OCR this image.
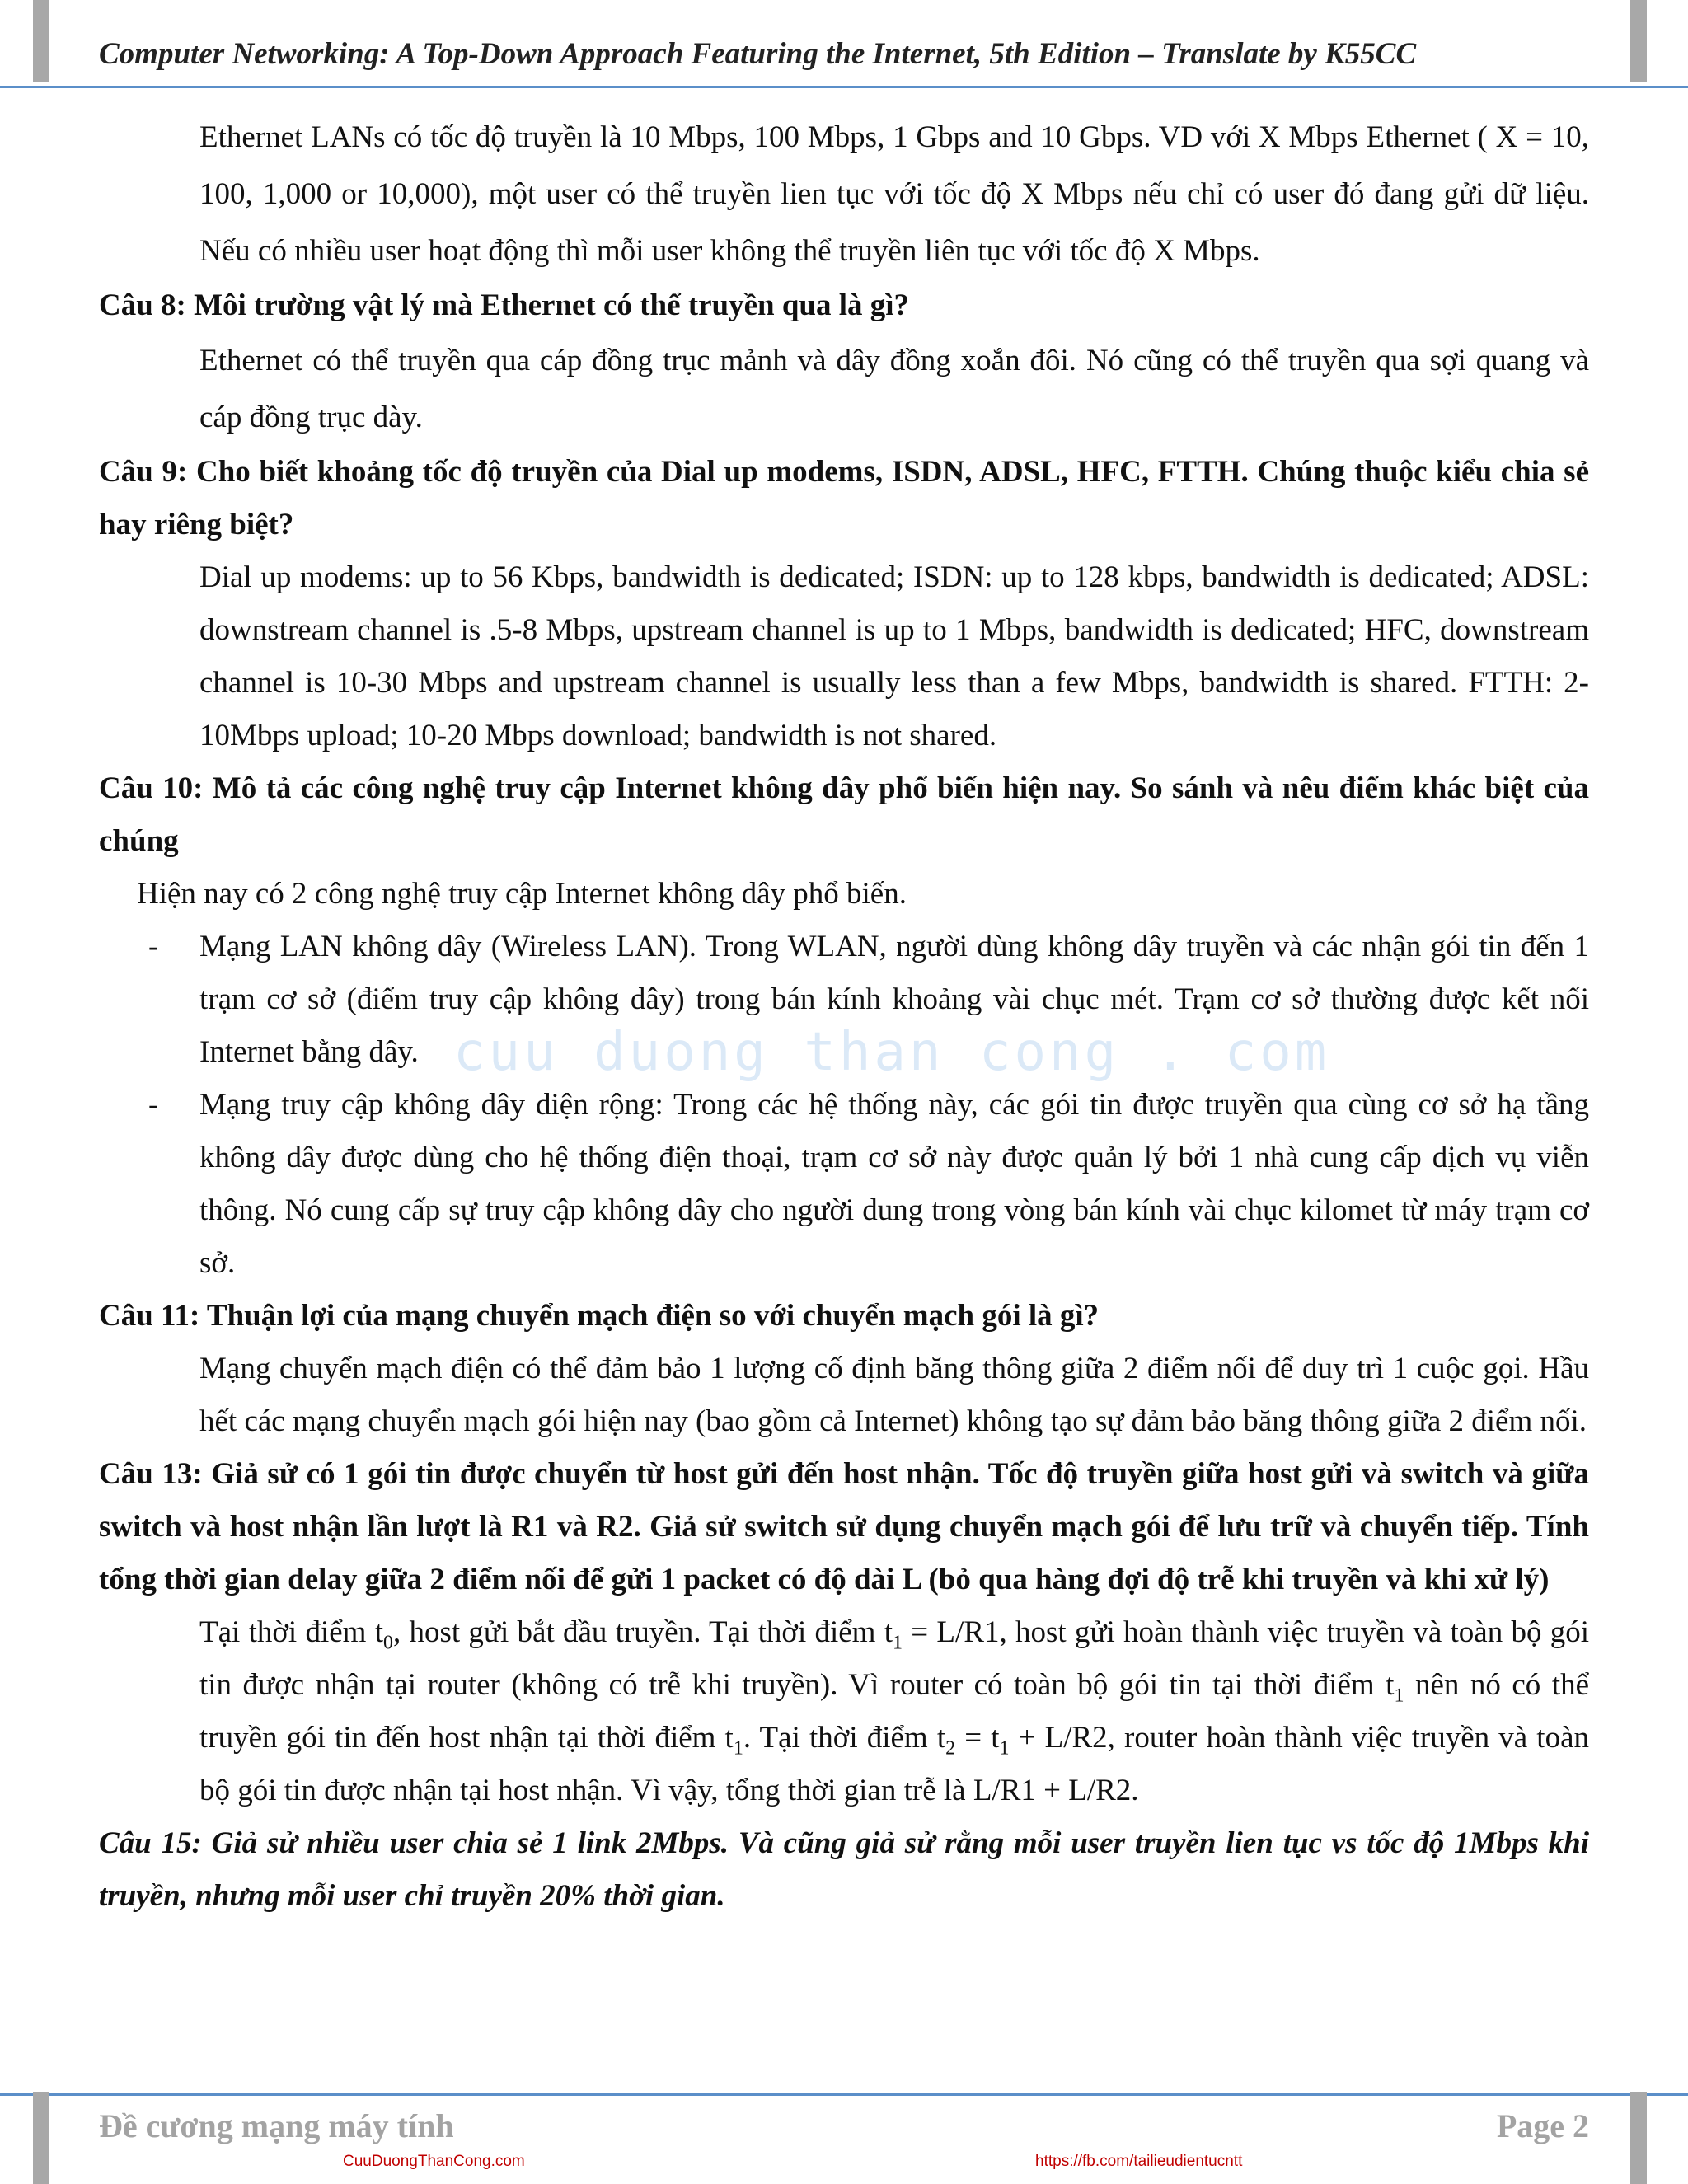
Computer Networking: A Top-Down Approach Featuring the Internet, 5th Edition – Translate by K55CC
cuu duong than cong . com

Ethernet LANs có tốc độ truyền là 10 Mbps, 100 Mbps, 1 Gbps and 10 Gbps. VD với X Mbps Ethernet ( X = 10, 100, 1,000 or 10,000), một user có thể truyền lien tục với tốc độ X Mbps nếu chỉ có user đó đang gửi dữ liệu. Nếu có nhiều user hoạt động thì mỗi user không thể truyền liên tục với tốc độ X Mbps.

Câu 8: Môi trường vật lý mà Ethernet có thể truyền qua là gì?

Ethernet có thể truyền qua cáp đồng trục mảnh và dây đồng xoắn đôi. Nó cũng có thể truyền qua sợi quang và cáp đồng trục dày.

Câu 9: Cho biết khoảng tốc độ truyền của Dial up modems, ISDN, ADSL, HFC, FTTH. Chúng thuộc kiểu chia sẻ hay riêng biệt?

Dial up modems: up to 56 Kbps, bandwidth is dedicated; ISDN: up to 128 kbps, bandwidth is dedicated; ADSL: downstream channel is .5-8 Mbps, upstream channel is up to 1 Mbps, bandwidth is dedicated; HFC, downstream channel is 10-30 Mbps and upstream channel is usually less than a few Mbps, bandwidth is shared. FTTH: 2-10Mbps upload; 10-20 Mbps download; bandwidth is not shared.

Câu 10: Mô tả các công nghệ truy cập Internet không dây phổ biến hiện nay. So sánh và nêu điểm khác biệt của chúng

Hiện nay có 2 công nghệ truy cập Internet không dây phổ biến.

- Mạng LAN không dây (Wireless LAN). Trong WLAN, người dùng không dây truyền và các nhận gói tin đến 1 trạm cơ sở (điểm truy cập không dây) trong bán kính khoảng vài chục mét. Trạm cơ sở thường được kết nối Internet bằng dây.
- Mạng truy cập không dây diện rộng: Trong các hệ thống này, các gói tin được truyền qua cùng cơ sở hạ tầng không dây được dùng cho hệ thống điện thoại, trạm cơ sở này được quản lý bởi 1 nhà cung cấp dịch vụ viễn thông. Nó cung cấp sự truy cập không dây cho người dung trong vòng bán kính vài chục kilomet từ máy trạm cơ sở.

Câu 11: Thuận lợi của mạng chuyển mạch điện so với chuyển mạch gói là gì?

Mạng chuyển mạch điện có thể đảm bảo 1 lượng cố định băng thông giữa 2 điểm nối để duy trì 1 cuộc gọi. Hầu hết các mạng chuyển mạch gói hiện nay (bao gồm cả Internet) không tạo sự đảm bảo băng thông giữa 2 điểm nối.

Câu 13: Giả sử có 1 gói tin được chuyển từ host gửi đến host nhận. Tốc độ truyền giữa host gửi và switch và giữa switch và host nhận lần lượt là R1 và R2. Giả sử switch sử dụng chuyển mạch gói để lưu trữ và chuyển tiếp. Tính tổng thời gian delay giữa 2 điểm nối để gửi 1 packet có độ dài L (bỏ qua hàng đợi độ trễ khi truyền và khi xử lý)

Tại thời điểm $t_0$, host gửi bắt đầu truyền. Tại thời điểm $t_1 = L/R1$, host gửi hoàn thành việc truyền và toàn bộ gói tin được nhận tại router (không có trễ khi truyền). Vì router có toàn bộ gói tin tại thời điểm $t_1$ nên nó có thể truyền gói tin đến host nhận tại thời điểm $t_1$. Tại thời điểm $t_2 = t_1 + L/R2$, router hoàn thành việc truyền và toàn bộ gói tin được nhận tại host nhận. Vì vậy, tổng thời gian trễ là L/R1 + L/R2.

Câu 15: Giả sử nhiều user chia sẻ 1 link 2Mbps. Và cũng giả sử rằng mỗi user truyền lien tục vs tốc độ 1Mbps khi truyền, nhưng mỗi user chỉ truyền 20% thời gian.

Đề cương mạng máy tính	Page 2
CuuDuongThanCong.com	https://fb.com/tailieudientucntt
